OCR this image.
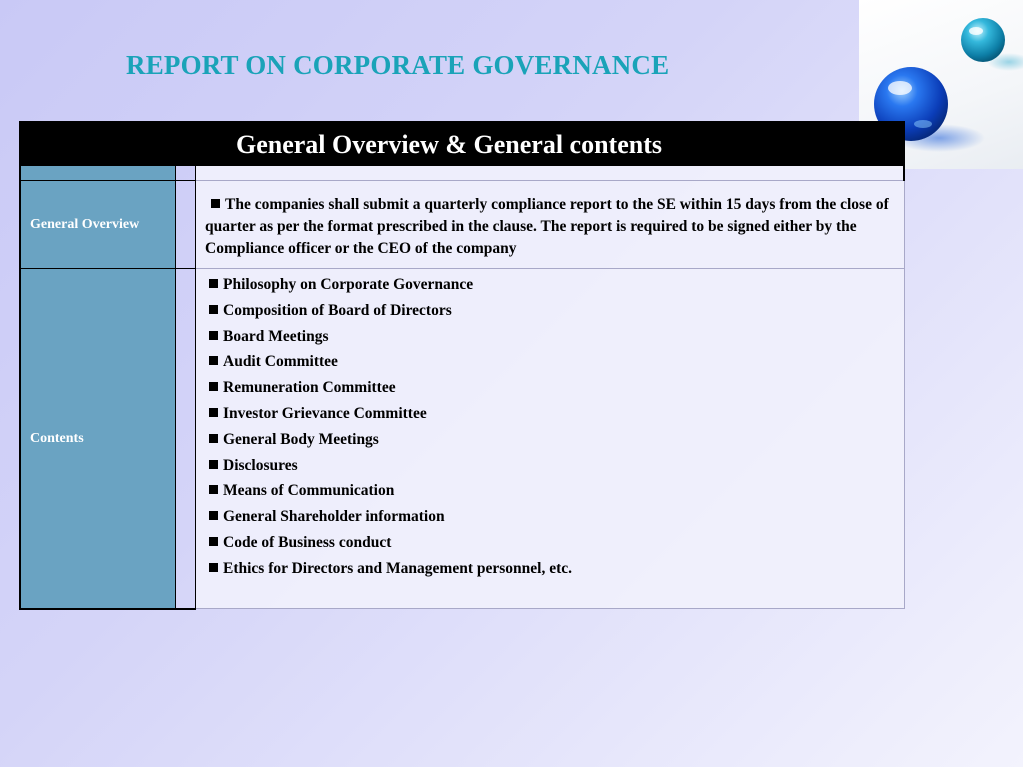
REPORT ON CORPORATE GOVERNANCE
General Overview & General contents
General Overview
Contents

The companies shall submit a quarterly compliance report to the SE within 15 days from the close of quarter as per the format prescribed in the clause. The report is required to be signed either by the Compliance officer or the CEO of the company

Philosophy on Corporate Governance
Composition of Board of Directors
Board Meetings
Audit Committee
Remuneration Committee
Investor Grievance Committee
General Body Meetings
Disclosures
Means of Communication
General Shareholder information
Code of Business conduct
Ethics for Directors and Management personnel, etc.
